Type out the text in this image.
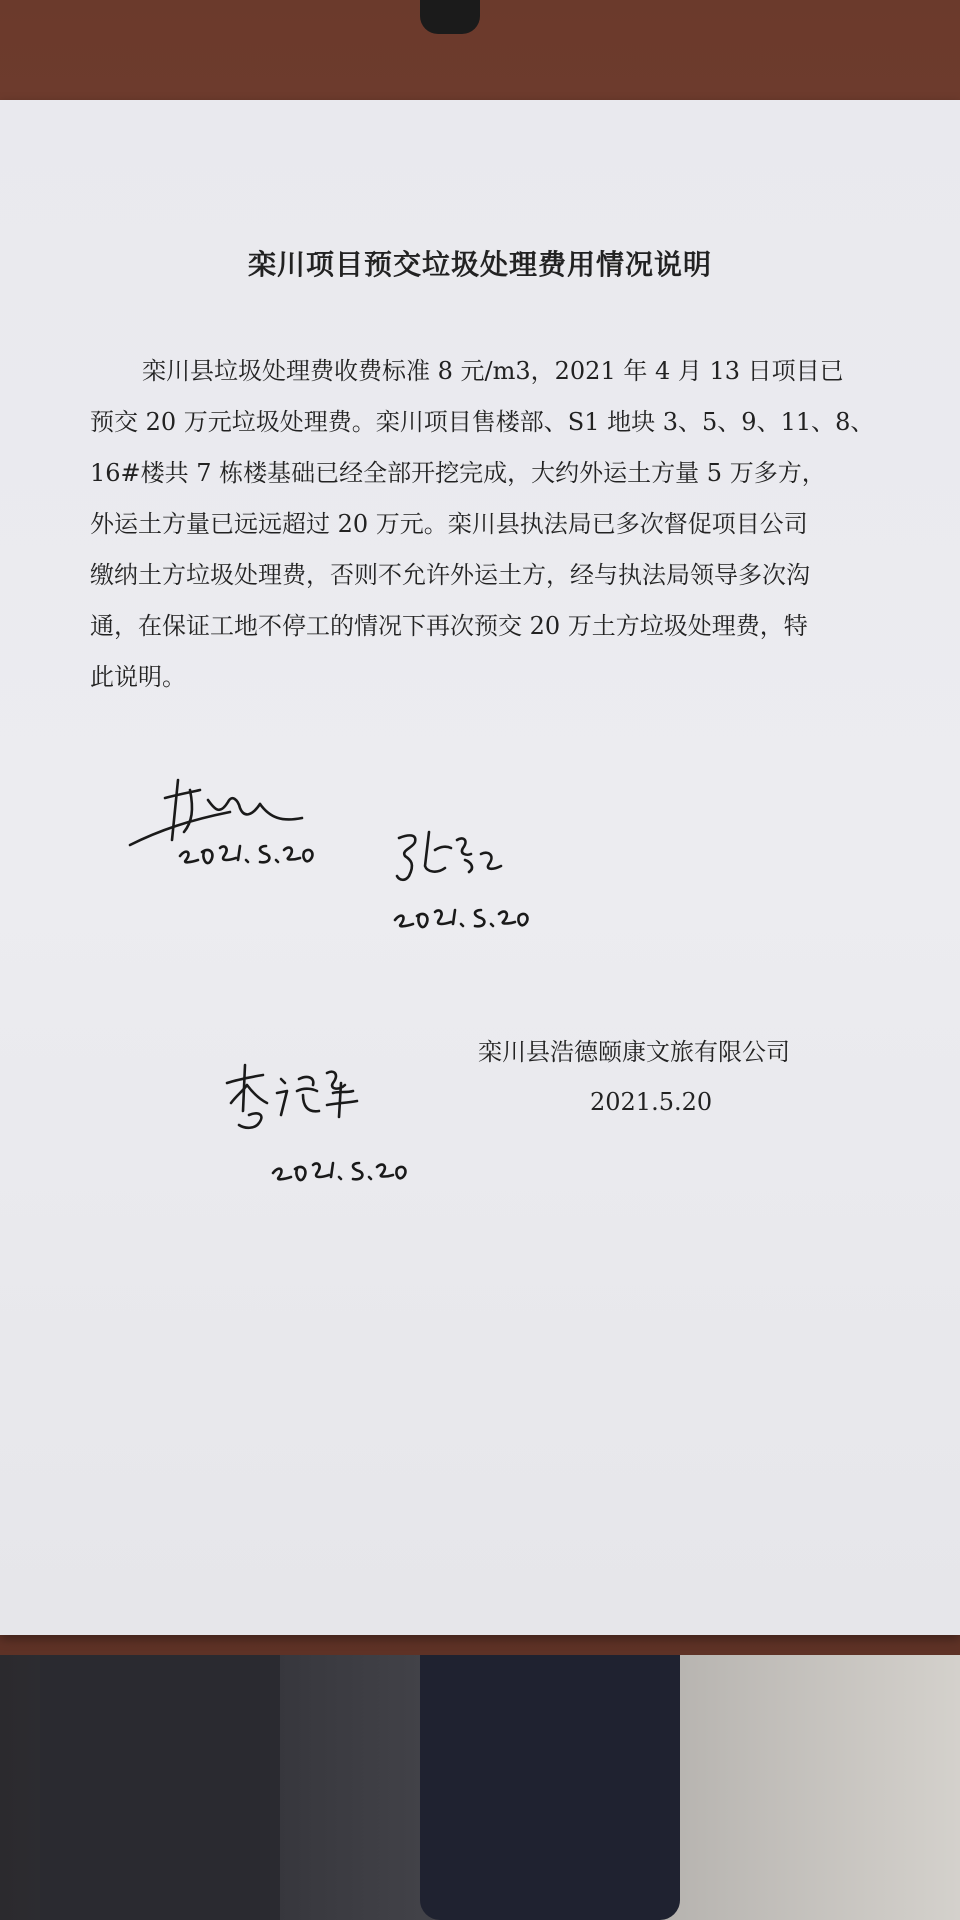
栾川项目预交垃圾处理费用情况说明
栾川县垃圾处理费收费标准 8 元/m3，2021 年 4 月 13 日项目已
预交 20 万元垃圾处理费。栾川项目售楼部、S1 地块 3、5、9、11、8、
16#楼共 7 栋楼基础已经全部开挖完成，大约外运土方量 5 万多方，
外运土方量已远远超过 20 万元。栾川县执法局已多次督促项目公司
缴纳土方垃圾处理费，否则不允许外运土方，经与执法局领导多次沟
通，在保证工地不停工的情况下再次预交 20 万土方垃圾处理费，特
此说明。
栾川县浩德颐康文旅有限公司
2021.5.20
